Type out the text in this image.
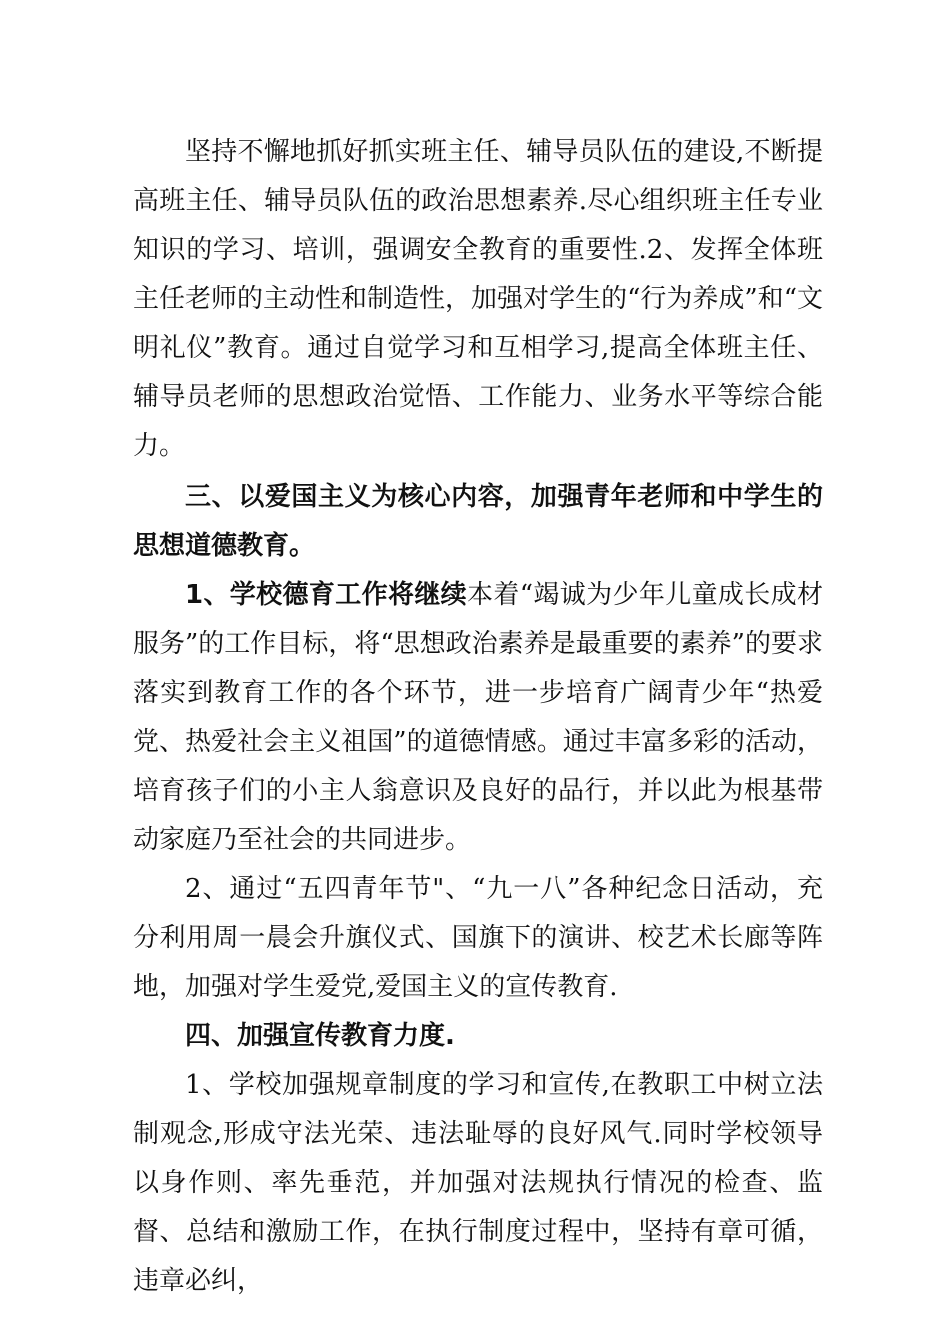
坚持不懈地抓好抓实班主任、辅导员队伍的建设,不断提高班主任、辅导员队伍的政治思想素养.尽心组织班主任专业知识的学习、培训，强调安全教育的重要性.2、发挥全体班主任老师的主动性和制造性，加强对学生的“行为养成”和“文明礼仪”教育。通过自觉学习和互相学习,提高全体班主任、辅导员老师的思想政治觉悟、工作能力、业务水平等综合能力。

三、以爱国主义为核心内容，加强青年老师和中学生的思想道德教育。

1、学校德育工作将继续本着“竭诚为少年儿童成长成材服务”的工作目标，将“思想政治素养是最重要的素养”的要求落实到教育工作的各个环节，进一步培育广阔青少年“热爱党、热爱社会主义祖国”的道德情感。通过丰富多彩的活动，培育孩子们的小主人翁意识及良好的品行，并以此为根基带动家庭乃至社会的共同进步。

2、通过“五四青年节"、“九一八”各种纪念日活动，充分利用周一晨会升旗仪式、国旗下的演讲、校艺术长廊等阵地，加强对学生爱党,爱国主义的宣传教育.

四、加强宣传教育力度.

1、学校加强规章制度的学习和宣传,在教职工中树立法制观念,形成守法光荣、违法耻辱的良好风气.同时学校领导以身作则、率先垂范，并加强对法规执行情况的检查、监督、总结和激励工作，在执行制度过程中，坚持有章可循，违章必纠，
